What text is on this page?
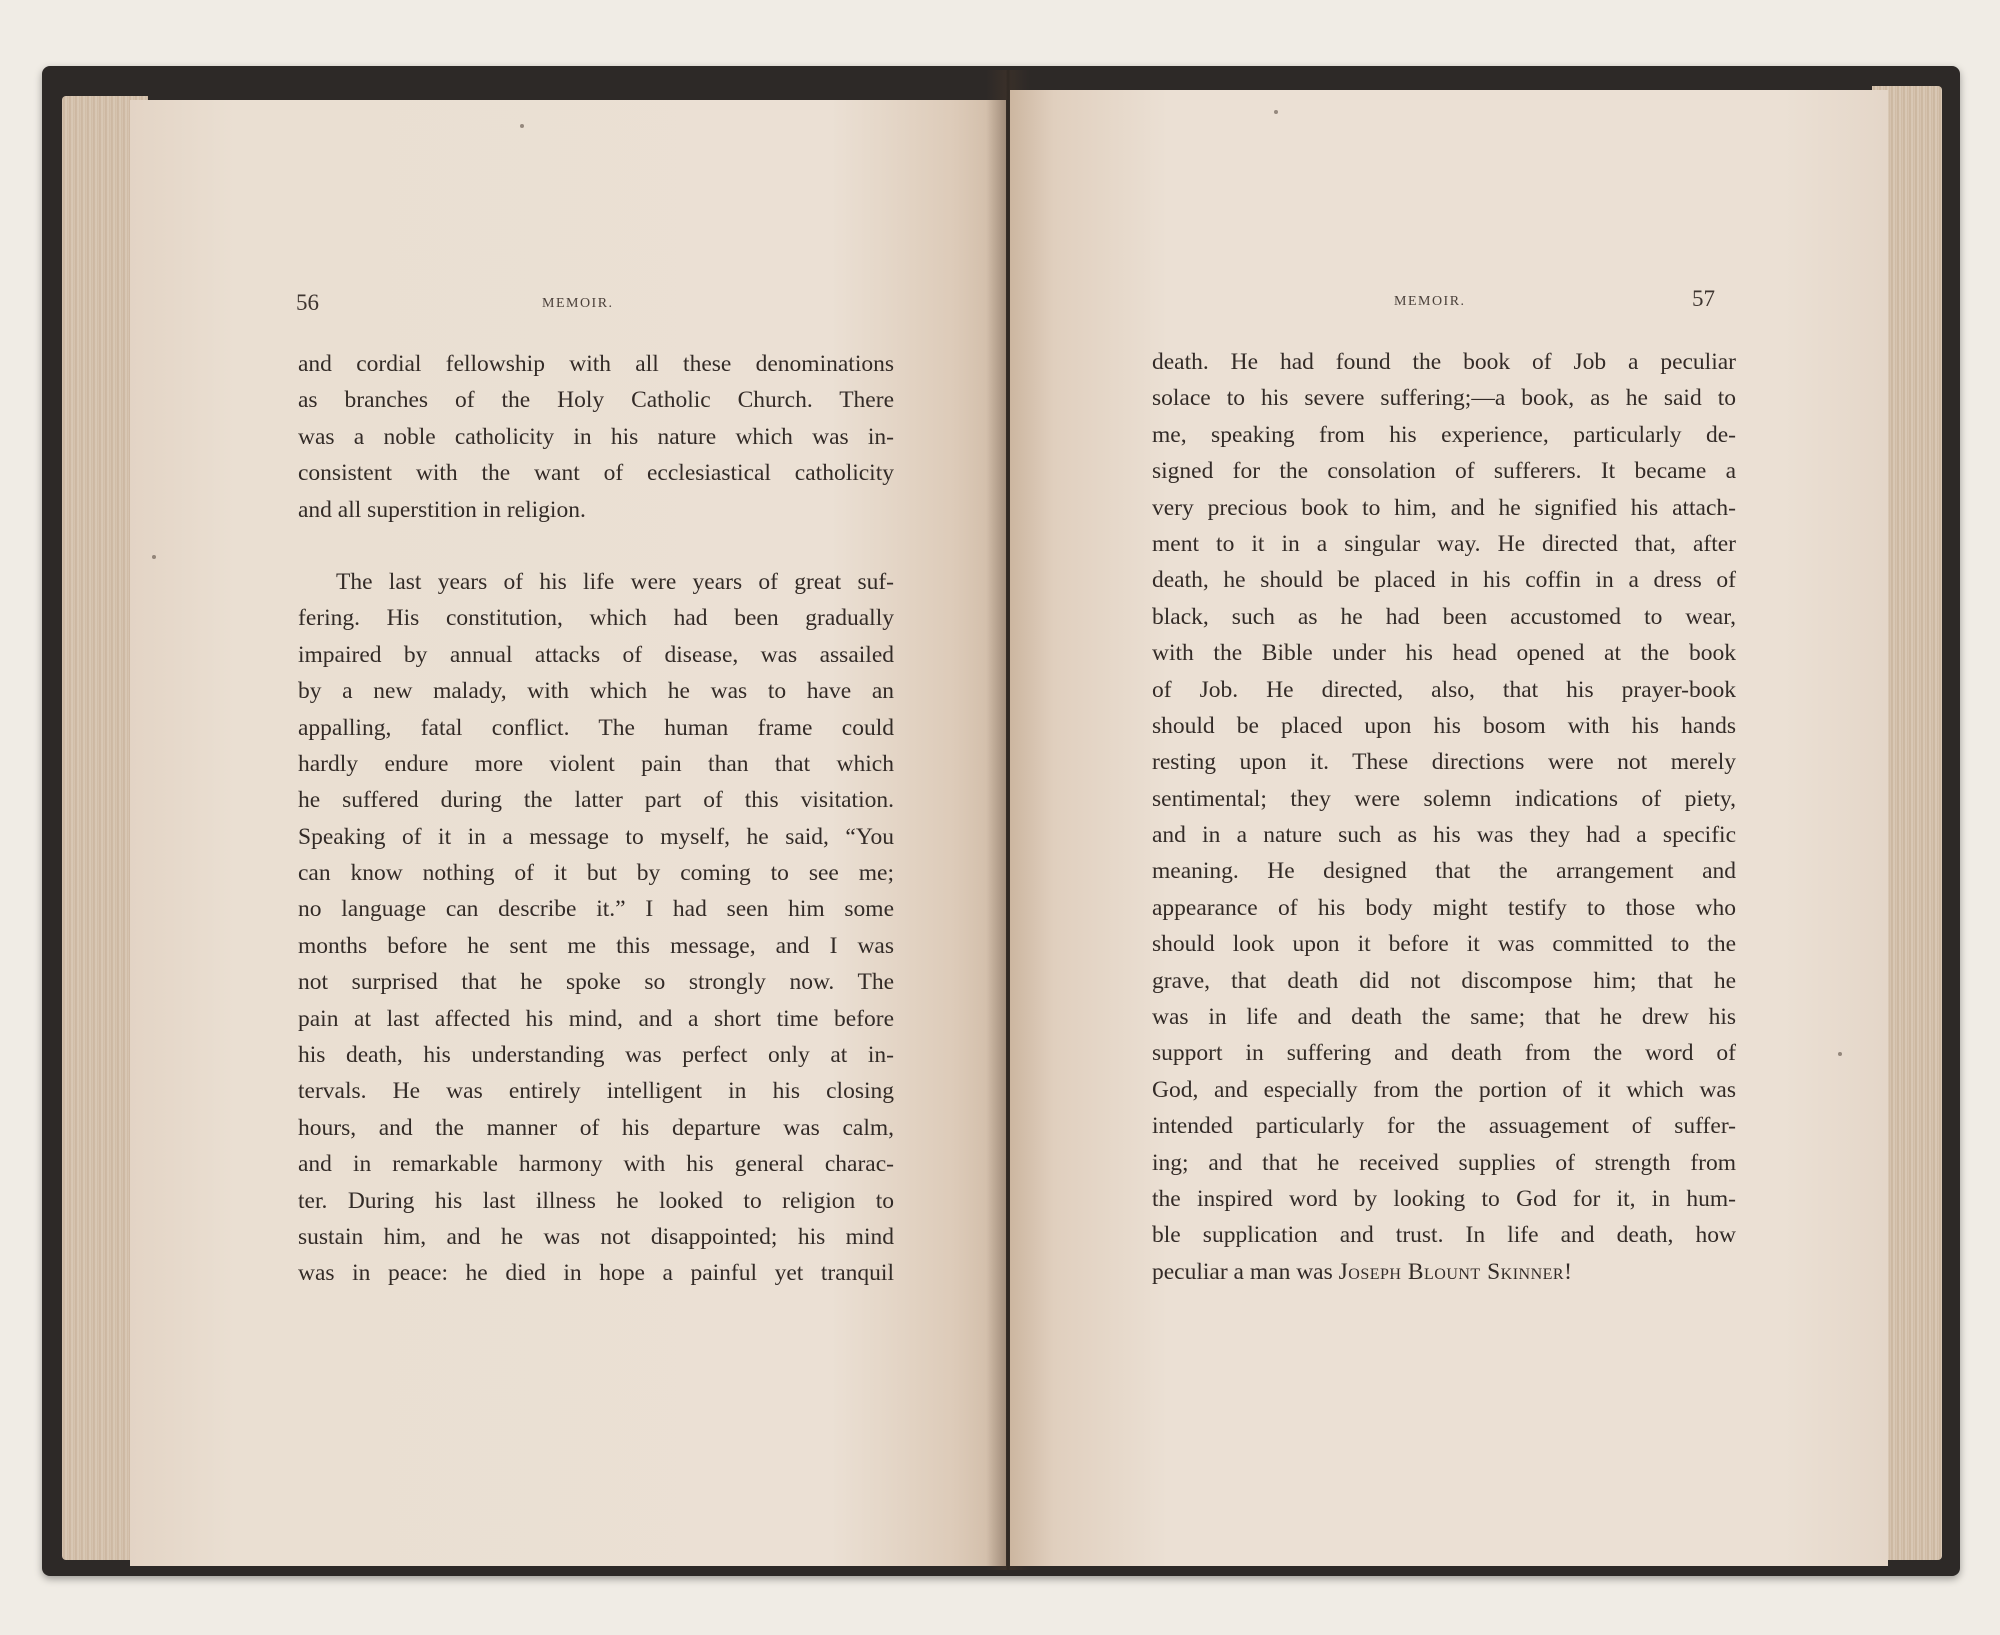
56	MEMOIR.
and cordial fellowship with all these denominations
as branches of the Holy Catholic Church. There
was a noble catholicity in his nature which was in-
consistent with the want of ecclesiastical catholicity
and all superstition in religion.
The last years of his life were years of great suf-
fering. His constitution, which had been gradually
impaired by annual attacks of disease, was assailed
by a new malady, with which he was to have an
appalling, fatal conflict. The human frame could
hardly endure more violent pain than that which
he suffered during the latter part of this visitation.
Speaking of it in a message to myself, he said, “You
can know nothing of it but by coming to see me;
no language can describe it.” I had seen him some
months before he sent me this message, and I was
not surprised that he spoke so strongly now. The
pain at last affected his mind, and a short time before
his death, his understanding was perfect only at in-
tervals. He was entirely intelligent in his closing
hours, and the manner of his departure was calm,
and in remarkable harmony with his general charac-
ter. During his last illness he looked to religion to
sustain him, and he was not disappointed; his mind
was in peace: he died in hope a painful yet tranquil
MEMOIR.	57
death. He had found the book of Job a peculiar
solace to his severe suffering;—a book, as he said to
me, speaking from his experience, particularly de-
signed for the consolation of sufferers. It became a
very precious book to him, and he signified his attach-
ment to it in a singular way. He directed that, after
death, he should be placed in his coffin in a dress of
black, such as he had been accustomed to wear,
with the Bible under his head opened at the book
of Job. He directed, also, that his prayer-book
should be placed upon his bosom with his hands
resting upon it. These directions were not merely
sentimental; they were solemn indications of piety,
and in a nature such as his was they had a specific
meaning. He designed that the arrangement and
appearance of his body might testify to those who
should look upon it before it was committed to the
grave, that death did not discompose him; that he
was in life and death the same; that he drew his
support in suffering and death from the word of
God, and especially from the portion of it which was
intended particularly for the assuagement of suffer-
ing; and that he received supplies of strength from
the inspired word by looking to God for it, in hum-
ble supplication and trust. In life and death, how
peculiar a man was Joseph Blount Skinner!
